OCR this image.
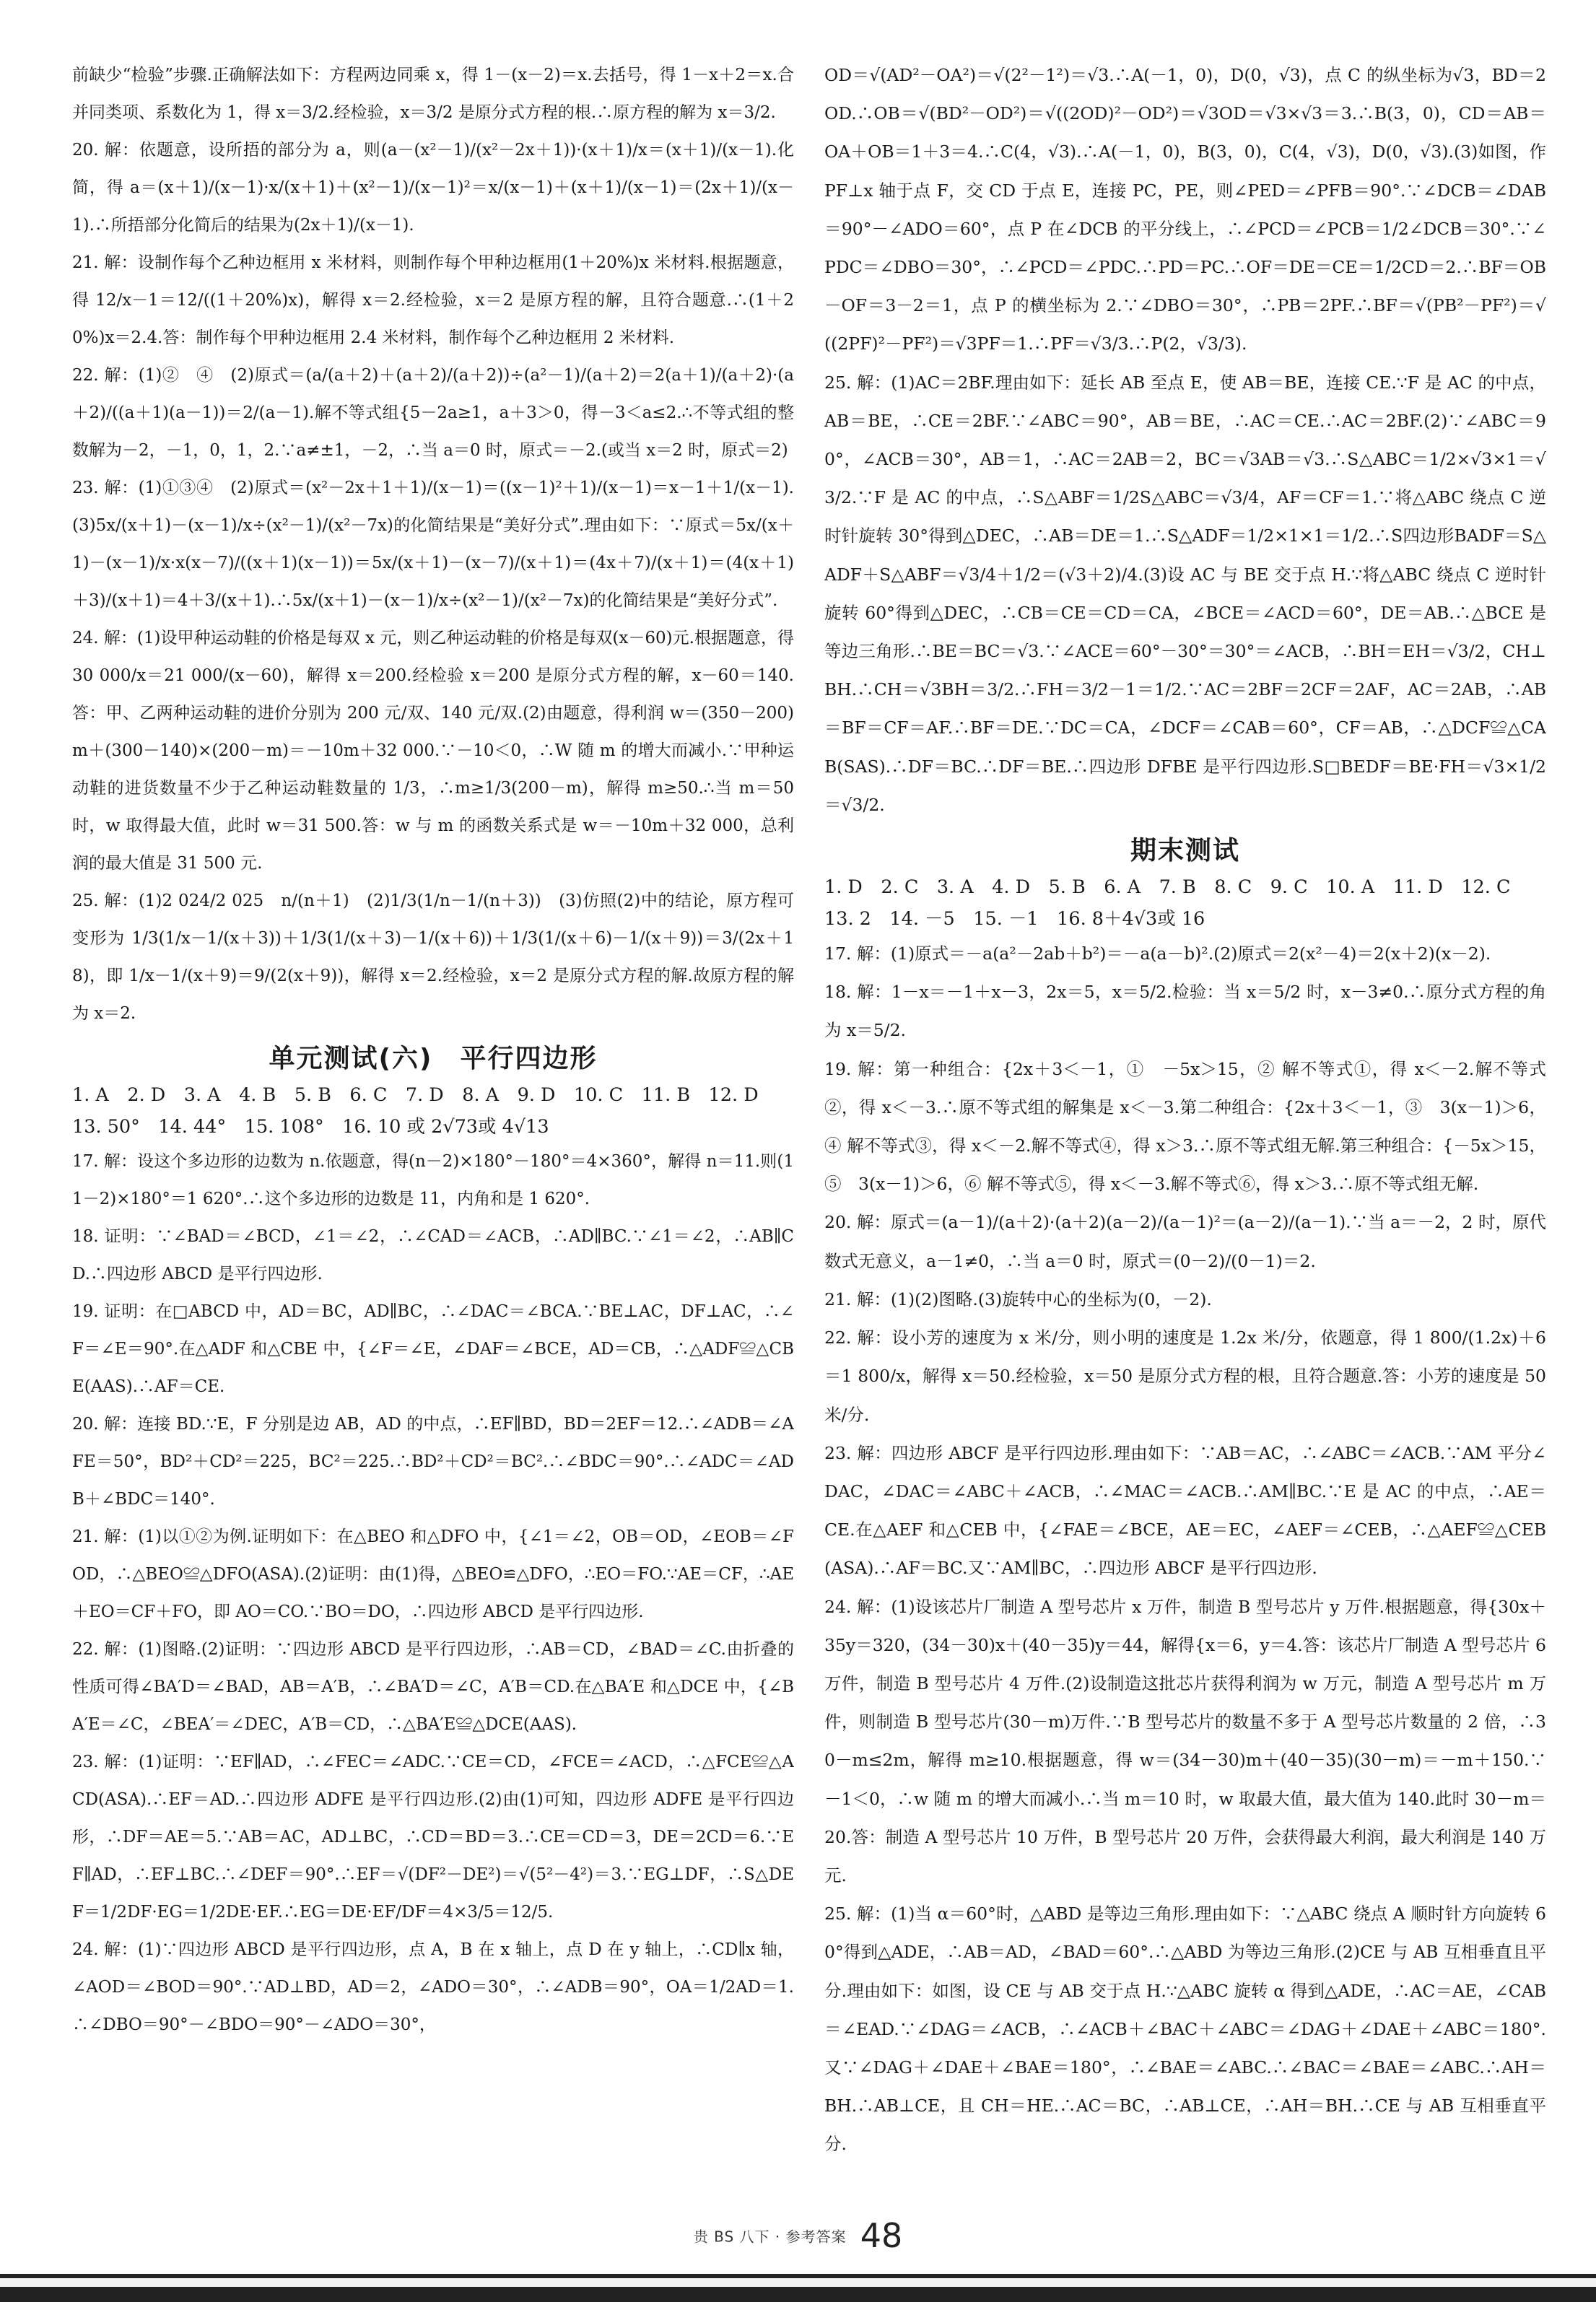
前缺少“检验”步骤.正确解法如下：方程两边同乘 x，得 1－(x－2)＝x.去括号，得 1－x＋2＝x.合并同类项、系数化为 1，得 x＝3/2.经检验，x＝3/2 是原分式方程的根.∴原方程的解为 x＝3/2.

20. 解：依题意，设所捂的部分为 a，则(a－(x²－1)/(x²－2x＋1))·(x＋1)/x＝(x＋1)/(x－1).化简，得 a＝(x＋1)/(x－1)·x/(x＋1)＋(x²－1)/(x－1)²＝x/(x－1)＋(x＋1)/(x－1)＝(2x＋1)/(x－1).∴所捂部分化简后的结果为(2x＋1)/(x－1).

21. 解：设制作每个乙种边框用 x 米材料，则制作每个甲种边框用(1＋20%)x 米材料.根据题意，得 12/x－1＝12/((1＋20%)x)，解得 x＝2.经检验，x＝2 是原方程的解，且符合题意.∴(1＋20%)x＝2.4.答：制作每个甲种边框用 2.4 米材料，制作每个乙种边框用 2 米材料.

22. 解：(1)②　④　(2)原式＝(a/(a＋2)＋(a＋2)/(a＋2))÷(a²－1)/(a＋2)＝2(a＋1)/(a＋2)·(a＋2)/((a＋1)(a－1))＝2/(a－1).解不等式组{5－2a≥1，a＋3＞0，得－3＜a≤2.∴不等式组的整数解为－2，－1，0，1，2.∵a≠±1，－2，∴当 a＝0 时，原式＝－2.(或当 x＝2 时，原式＝2)

23. 解：(1)①③④　(2)原式＝(x²－2x＋1＋1)/(x－1)＝((x－1)²＋1)/(x－1)＝x－1＋1/(x－1).(3)5x/(x＋1)－(x－1)/x÷(x²－1)/(x²－7x)的化简结果是“美好分式”.理由如下：∵原式＝5x/(x＋1)－(x－1)/x·x(x－7)/((x＋1)(x－1))＝5x/(x＋1)－(x－7)/(x＋1)＝(4x＋7)/(x＋1)＝(4(x＋1)＋3)/(x＋1)＝4＋3/(x＋1).∴5x/(x＋1)－(x－1)/x÷(x²－1)/(x²－7x)的化简结果是“美好分式”.

24. 解：(1)设甲种运动鞋的价格是每双 x 元，则乙种运动鞋的价格是每双(x－60)元.根据题意，得 30 000/x＝21 000/(x－60)，解得 x＝200.经检验 x＝200 是原分式方程的解，x－60＝140.答：甲、乙两种运动鞋的进价分别为 200 元/双、140 元/双.(2)由题意，得利润 w＝(350－200)m＋(300－140)×(200－m)＝－10m＋32 000.∵－10＜0，∴W 随 m 的增大而减小.∵甲种运动鞋的进货数量不少于乙种运动鞋数量的 1/3，∴m≥1/3(200－m)，解得 m≥50.∴当 m＝50 时，w 取得最大值，此时 w＝31 500.答：w 与 m 的函数关系式是 w＝－10m＋32 000，总利润的最大值是 31 500 元.

25. 解：(1)2 024/2 025　n/(n＋1)　(2)1/3(1/n－1/(n＋3))　(3)仿照(2)中的结论，原方程可变形为 1/3(1/x－1/(x＋3))＋1/3(1/(x＋3)－1/(x＋6))＋1/3(1/(x＋6)－1/(x＋9))＝3/(2x＋18)，即 1/x－1/(x＋9)＝9/(2(x＋9))，解得 x＝2.经检验，x＝2 是原分式方程的解.故原方程的解为 x＝2.

单元测试(六)　平行四边形

1. A　2. D　3. A　4. B　5. B　6. C　7. D　8. A　9. D　10. C　11. B　12. D

13. 50°　14. 44°　15. 108°　16. 10 或 2√73或 4√13

17. 解：设这个多边形的边数为 n.依题意，得(n－2)×180°－180°＝4×360°，解得 n＝11.则(11－2)×180°＝1 620°.∴这个多边形的边数是 11，内角和是 1 620°.

18. 证明：∵∠BAD＝∠BCD，∠1＝∠2，∴∠CAD＝∠ACB，∴AD∥BC.∵∠1＝∠2，∴AB∥CD.∴四边形 ABCD 是平行四边形.

19. 证明：在□ABCD 中，AD＝BC，AD∥BC，∴∠DAC＝∠BCA.∵BE⊥AC，DF⊥AC，∴∠F＝∠E＝90°.在△ADF 和△CBE 中，{∠F＝∠E，∠DAF＝∠BCE，AD＝CB，∴△ADF≌△CBE(AAS).∴AF＝CE.

20. 解：连接 BD.∵E，F 分别是边 AB，AD 的中点，∴EF∥BD，BD＝2EF＝12.∴∠ADB＝∠AFE＝50°，BD²＋CD²＝225，BC²＝225.∴BD²＋CD²＝BC².∴∠BDC＝90°.∴∠ADC＝∠ADB＋∠BDC＝140°.

21. 解：(1)以①②为例.证明如下：在△BEO 和△DFO 中，{∠1＝∠2，OB＝OD，∠EOB＝∠FOD，∴△BEO≌△DFO(ASA).(2)证明：由(1)得，△BEO≌△DFO，∴EO＝FO.∵AE＝CF，∴AE＋EO＝CF＋FO，即 AO＝CO.∵BO＝DO，∴四边形 ABCD 是平行四边形.

22. 解：(1)图略.(2)证明：∵四边形 ABCD 是平行四边形，∴AB＝CD，∠BAD＝∠C.由折叠的性质可得∠BA′D＝∠BAD，AB＝A′B，∴∠BA′D＝∠C，A′B＝CD.在△BA′E 和△DCE 中，{∠BA′E＝∠C，∠BEA′＝∠DEC，A′B＝CD，∴△BA′E≌△DCE(AAS).

23. 解：(1)证明：∵EF∥AD，∴∠FEC＝∠ADC.∵CE＝CD，∠FCE＝∠ACD，∴△FCE≌△ACD(ASA).∴EF＝AD.∴四边形 ADFE 是平行四边形.(2)由(1)可知，四边形 ADFE 是平行四边形，∴DF＝AE＝5.∵AB＝AC，AD⊥BC，∴CD＝BD＝3.∴CE＝CD＝3，DE＝2CD＝6.∵EF∥AD，∴EF⊥BC.∴∠DEF＝90°.∴EF＝√(DF²－DE²)＝√(5²－4²)＝3.∵EG⊥DF，∴S△DEF＝1/2DF·EG＝1/2DE·EF.∴EG＝DE·EF/DF＝4×3/5＝12/5.

24. 解：(1)∵四边形 ABCD 是平行四边形，点 A，B 在 x 轴上，点 D 在 y 轴上，∴CD∥x 轴，∠AOD＝∠BOD＝90°.∵AD⊥BD，AD＝2，∠ADO＝30°，∴∠ADB＝90°，OA＝1/2AD＝1.∴∠DBO＝90°－∠BDO＝90°－∠ADO＝30°，

OD＝√(AD²－OA²)＝√(2²－1²)＝√3.∴A(－1，0)，D(0，√3)，点 C 的纵坐标为√3，BD＝2OD.∴OB＝√(BD²－OD²)＝√((2OD)²－OD²)＝√3OD＝√3×√3＝3.∴B(3，0)，CD＝AB＝OA＋OB＝1＋3＝4.∴C(4，√3).∴A(－1，0)，B(3，0)，C(4，√3)，D(0，√3).(3)如图，作 PF⊥x 轴于点 F，交 CD 于点 E，连接 PC，PE，则∠PED＝∠PFB＝90°.∵∠DCB＝∠DAB＝90°－∠ADO＝60°，点 P 在∠DCB 的平分线上，∴∠PCD＝∠PCB＝1/2∠DCB＝30°.∵∠PDC＝∠DBO＝30°，∴∠PCD＝∠PDC.∴PD＝PC.∴OF＝DE＝CE＝1/2CD＝2.∴BF＝OB－OF＝3－2＝1，点 P 的横坐标为 2.∵∠DBO＝30°，∴PB＝2PF.∴BF＝√(PB²－PF²)＝√((2PF)²－PF²)＝√3PF＝1.∴PF＝√3/3.∴P(2，√3/3).

25. 解：(1)AC＝2BF.理由如下：延长 AB 至点 E，使 AB＝BE，连接 CE.∵F 是 AC 的中点，AB＝BE，∴CE＝2BF.∵∠ABC＝90°，AB＝BE，∴AC＝CE.∴AC＝2BF.(2)∵∠ABC＝90°，∠ACB＝30°，AB＝1，∴AC＝2AB＝2，BC＝√3AB＝√3.∴S△ABC＝1/2×√3×1＝√3/2.∵F 是 AC 的中点，∴S△ABF＝1/2S△ABC＝√3/4，AF＝CF＝1.∵将△ABC 绕点 C 逆时针旋转 30°得到△DEC，∴AB＝DE＝1.∴S△ADF＝1/2×1×1＝1/2.∴S四边形BADF＝S△ADF＋S△ABF＝√3/4＋1/2＝(√3＋2)/4.(3)设 AC 与 BE 交于点 H.∵将△ABC 绕点 C 逆时针旋转 60°得到△DEC，∴CB＝CE＝CD＝CA，∠BCE＝∠ACD＝60°，DE＝AB.∴△BCE 是等边三角形.∴BE＝BC＝√3.∵∠ACE＝60°－30°＝30°＝∠ACB，∴BH＝EH＝√3/2，CH⊥BH.∴CH＝√3BH＝3/2.∴FH＝3/2－1＝1/2.∵AC＝2BF＝2CF＝2AF，AC＝2AB，∴AB＝BF＝CF＝AF.∴BF＝DE.∵DC＝CA，∠DCF＝∠CAB＝60°，CF＝AB，∴△DCF≌△CAB(SAS).∴DF＝BC.∴DF＝BE.∴四边形 DFBE 是平行四边形.S□BEDF＝BE·FH＝√3×1/2＝√3/2.

期末测试

1. D　2. C　3. A　4. D　5. B　6. A　7. B　8. C　9. C　10. A　11. D　12. C

13. 2　14. －5　15. －1　16. 8＋4√3或 16

17. 解：(1)原式＝－a(a²－2ab＋b²)＝－a(a－b)².(2)原式＝2(x²－4)＝2(x＋2)(x－2).

18. 解：1－x＝－1＋x－3，2x＝5，x＝5/2.检验：当 x＝5/2 时，x－3≠0.∴原分式方程的角为 x＝5/2.

19. 解：第一种组合：{2x＋3＜－1，①　－5x＞15，② 解不等式①，得 x＜－2.解不等式②，得 x＜－3.∴原不等式组的解集是 x＜－3.第二种组合：{2x＋3＜－1，③　3(x－1)＞6，④ 解不等式③，得 x＜－2.解不等式④，得 x＞3.∴原不等式组无解.第三种组合：{－5x＞15，⑤　3(x－1)＞6，⑥ 解不等式⑤，得 x＜－3.解不等式⑥，得 x＞3.∴原不等式组无解.

20. 解：原式＝(a－1)/(a＋2)·(a＋2)(a－2)/(a－1)²＝(a－2)/(a－1).∵当 a＝－2，2 时，原代数式无意义，a－1≠0，∴当 a＝0 时，原式＝(0－2)/(0－1)＝2.

21. 解：(1)(2)图略.(3)旋转中心的坐标为(0，－2).

22. 解：设小芳的速度为 x 米/分，则小明的速度是 1.2x 米/分，依题意，得 1 800/(1.2x)＋6＝1 800/x，解得 x＝50.经检验，x＝50 是原分式方程的根，且符合题意.答：小芳的速度是 50 米/分.

23. 解：四边形 ABCF 是平行四边形.理由如下：∵AB＝AC，∴∠ABC＝∠ACB.∵AM 平分∠DAC，∠DAC＝∠ABC＋∠ACB，∴∠MAC＝∠ACB.∴AM∥BC.∵E 是 AC 的中点，∴AE＝CE.在△AEF 和△CEB 中，{∠FAE＝∠BCE，AE＝EC，∠AEF＝∠CEB，∴△AEF≌△CEB(ASA).∴AF＝BC.又∵AM∥BC，∴四边形 ABCF 是平行四边形.

24. 解：(1)设该芯片厂制造 A 型号芯片 x 万件，制造 B 型号芯片 y 万件.根据题意，得{30x＋35y＝320，(34－30)x＋(40－35)y＝44，解得{x＝6，y＝4.答：该芯片厂制造 A 型号芯片 6 万件，制造 B 型号芯片 4 万件.(2)设制造这批芯片获得利润为 w 万元，制造 A 型号芯片 m 万件，则制造 B 型号芯片(30－m)万件.∵B 型号芯片的数量不多于 A 型号芯片数量的 2 倍，∴30－m≤2m，解得 m≥10.根据题意，得 w＝(34－30)m＋(40－35)(30－m)＝－m＋150.∵－1＜0，∴w 随 m 的增大而减小.∴当 m＝10 时，w 取最大值，最大值为 140.此时 30－m＝20.答：制造 A 型号芯片 10 万件，B 型号芯片 20 万件，会获得最大利润，最大利润是 140 万元.

25. 解：(1)当 α＝60°时，△ABD 是等边三角形.理由如下：∵△ABC 绕点 A 顺时针方向旋转 60°得到△ADE，∴AB＝AD，∠BAD＝60°.∴△ABD 为等边三角形.(2)CE 与 AB 互相垂直且平分.理由如下：如图，设 CE 与 AB 交于点 H.∵△ABC 旋转 α 得到△ADE，∴AC＝AE，∠CAB＝∠EAD.∵∠DAG＝∠ACB，∴∠ACB＋∠BAC＋∠ABC＝∠DAG＋∠DAE＋∠ABC＝180°.又∵∠DAG＋∠DAE＋∠BAE＝180°，∴∠BAE＝∠ABC.∴∠BAC＝∠BAE＝∠ABC.∴AH＝BH.∴AB⊥CE，且 CH＝HE.∴AC＝BC，∴AB⊥CE，∴AH＝BH.∴CE 与 AB 互相垂直平分.

贵 BS 八下 · 参考答案 48
